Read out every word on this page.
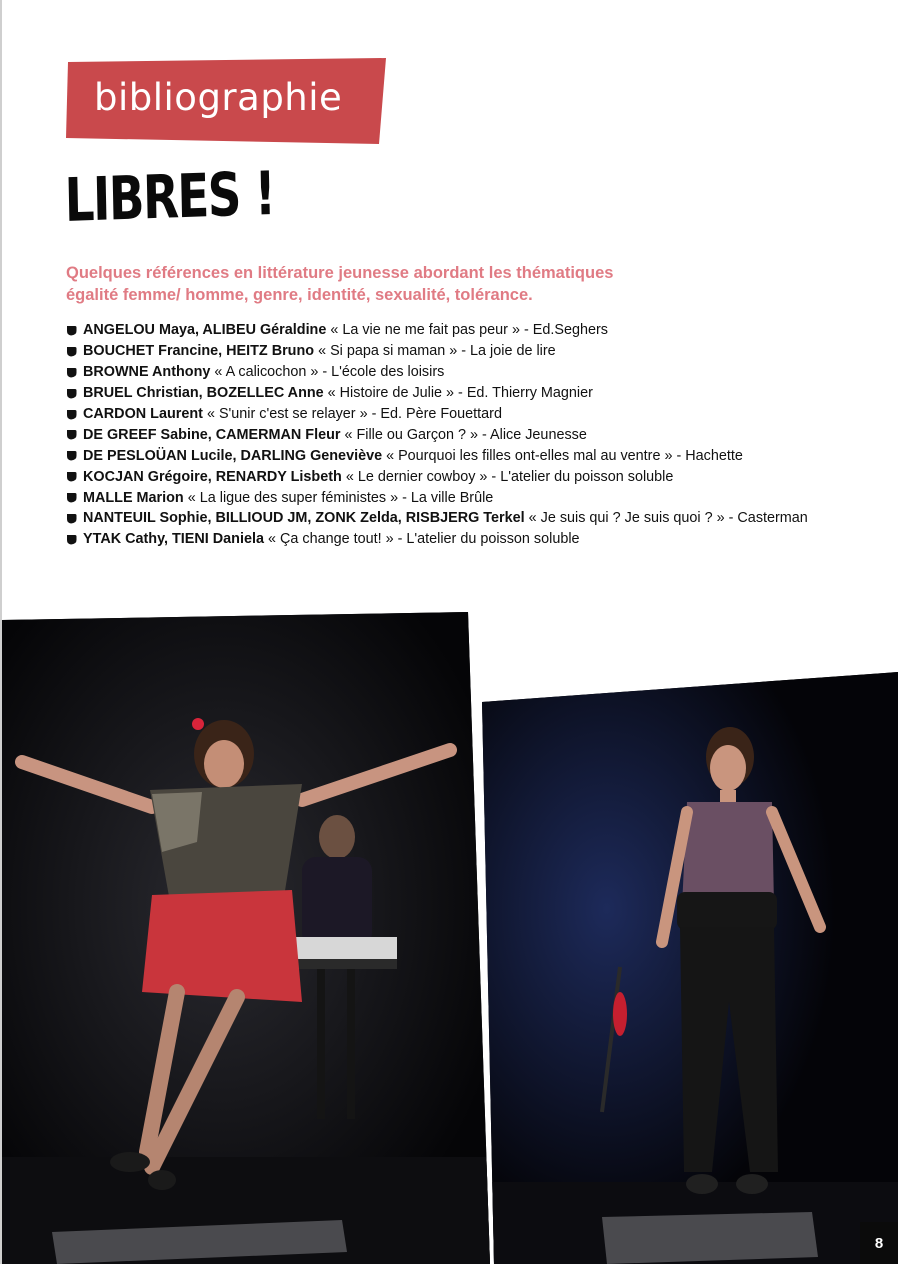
bibliographie
LIBRES !
Quelques références en littérature jeunesse abordant les thématiques
égalité femme/ homme, genre, identité, sexualité, tolérance.
ANGELOU Maya, ALIBEU Géraldine « La vie ne me fait pas peur » - Ed.Seghers
BOUCHET Francine, HEITZ Bruno « Si papa si maman » - La joie de lire
BROWNE Anthony « A calicochon » - L'école des loisirs
BRUEL Christian, BOZELLEC Anne « Histoire de Julie » - Ed. Thierry Magnier
CARDON Laurent « S'unir c'est se relayer » - Ed. Père Fouettard
DE GREEF Sabine, CAMERMAN Fleur « Fille ou Garçon ? » - Alice Jeunesse
DE PESLOÜAN Lucile, DARLING Geneviève « Pourquoi les filles ont-elles mal au ventre » - Hachette
KOCJAN Grégoire, RENARDY Lisbeth « Le dernier cowboy » - L'atelier du poisson soluble
MALLE Marion « La ligue des super féministes » - La ville Brûle
NANTEUIL Sophie, BILLIOUD JM, ZONK Zelda, RISBJERG Terkel « Je suis qui ? Je suis quoi ? » - Casterman
YTAK Cathy, TIENI Daniela « Ça change tout! » - L'atelier du poisson soluble
8
